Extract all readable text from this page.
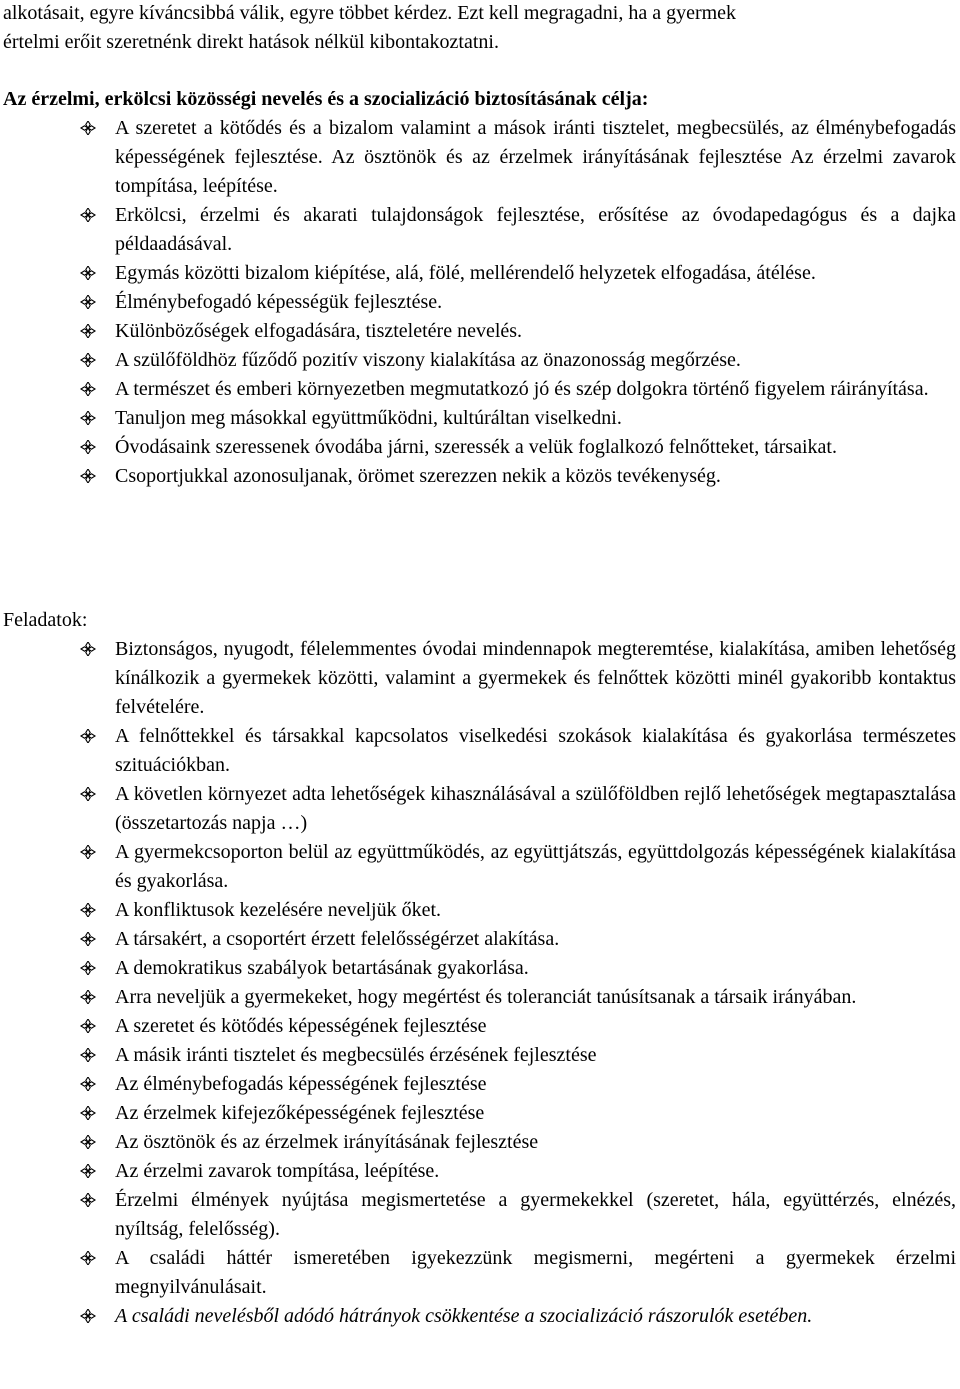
alkotásait, egyre kíváncsibbá válik, egyre többet kérdez. Ezt kell megragadni, ha a gyermek
értelmi erőit szeretnénk direkt hatások nélkül kibontakoztatni.
Az érzelmi, erkölcsi közösségi nevelés és a szocializáció biztosításának célja:
A szeretet a kötődés és a bizalom valamint a mások iránti tisztelet, megbecsülés, az élménybefogadás képességének fejlesztése. Az ösztönök és az érzelmek irányításának fejlesztése Az érzelmi zavarok tompítása, leépítése.
Erkölcsi, érzelmi és akarati tulajdonságok fejlesztése, erősítése az óvodapedagógus és a dajka példaadásával.
Egymás közötti bizalom kiépítése, alá, fölé, mellérendelő helyzetek elfogadása, átélése.
Élménybefogadó képességük fejlesztése.
Különbözőségek elfogadására, tiszteletére nevelés.
A szülőföldhöz fűződő pozitív viszony kialakítása az önazonosság megőrzése.
A természet és emberi környezetben megmutatkozó jó és szép dolgokra történő figyelem ráirányítása.
Tanuljon meg másokkal együttműködni, kultúráltan viselkedni.
Óvodásaink szeressenek óvodába járni, szeressék a velük foglalkozó felnőtteket, társaikat.
Csoportjukkal azonosuljanak, örömet szerezzen nekik a közös tevékenység.
Feladatok:
Biztonságos, nyugodt, félelemmentes óvodai mindennapok megteremtése, kialakítása, amiben lehetőség kínálkozik a gyermekek közötti, valamint a gyermekek és felnőttek közötti minél gyakoribb kontaktus felvételére.
A felnőttekkel és társakkal kapcsolatos viselkedési szokások kialakítása és gyakorlása természetes szituációkban.
A követlen környezet adta lehetőségek kihasználásával a szülőföldben rejlő lehetőségek megtapasztalása (összetartozás napja …)
A gyermekcsoporton belül az együttműködés, az együttjátszás, együttdolgozás képességének kialakítása és gyakorlása.
A konfliktusok kezelésére neveljük őket.
A társakért, a csoportért érzett felelősségérzet alakítása.
A demokratikus szabályok betartásának gyakorlása.
Arra neveljük a gyermekeket, hogy megértést és toleranciát tanúsítsanak a társaik irányában.
A szeretet és kötődés képességének fejlesztése
A másik iránti tisztelet és megbecsülés érzésének fejlesztése
Az élménybefogadás képességének fejlesztése
Az érzelmek kifejezőképességének fejlesztése
Az ösztönök és az érzelmek irányításának fejlesztése
Az érzelmi zavarok tompítása, leépítése.
Érzelmi élmények nyújtása megismertetése a gyermekekkel (szeretet, hála, együttérzés, elnézés, nyíltság, felelősség).
A családi háttér ismeretében igyekezzünk megismerni, megérteni a gyermekek érzelmi megnyilvánulásait.
A családi nevelésből adódó hátrányok csökkentése a szocializáció rászorulók esetében.
